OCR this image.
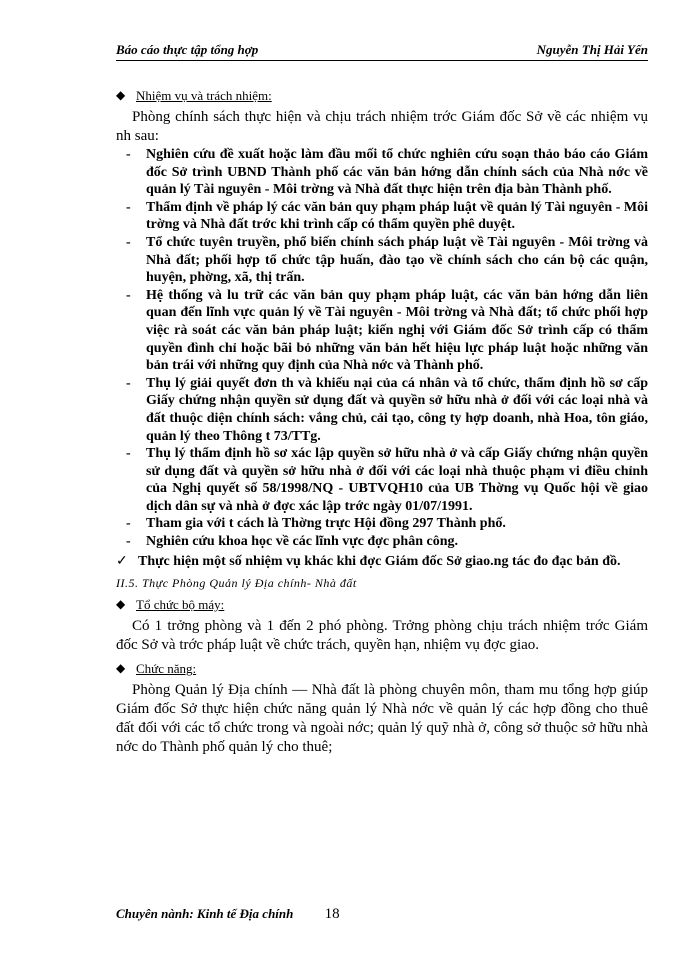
Báo cáo thực tập tổng hợp	Nguyễn Thị Hải Yến
◆ Nhiệm vụ và trách nhiệm:

Phòng chính sách thực hiện và chịu trách nhiệm trớc Giám đốc Sở về các nhiệm vụ nh sau:

- Nghiên cứu đề xuất hoặc làm đầu mối tổ chức nghiên cứu soạn thảo báo cáo Giám đốc Sở trình UBND Thành phố các văn bản hớng dẫn chính sách của Nhà nớc về quản lý Tài nguyên - Môi trờng và Nhà đất thực hiện trên địa bàn Thành phố.
- Thẩm định về pháp lý các văn bản quy phạm pháp luật về quản lý Tài nguyên - Môi trờng và Nhà đất trớc khi trình cấp có thẩm quyền phê duyệt.
- Tổ chức tuyên truyền, phổ biến chính sách pháp luật về Tài nguyên - Môi trờng và Nhà đất; phối hợp tổ chức tập huấn, đào tạo về chính sách cho cán bộ các quận, huyện, phờng, xã, thị trấn.
- Hệ thống và lu trữ các văn bản quy phạm pháp luật, các văn bản hớng dẫn liên quan đến lĩnh vực quản lý về Tài nguyên - Môi trờng và Nhà đất; tổ chức phối hợp việc rà soát các văn bản pháp luật; kiến nghị với Giám đốc Sở trình cấp có thẩm quyền đình chỉ hoặc bãi bỏ những văn bản hết hiệu lực pháp luật hoặc những văn bản trái với những quy định của Nhà nớc và Thành phố.
- Thụ lý giải quyết đơn th và khiếu nại của cá nhân và tổ chức, thẩm định hồ sơ cấp Giấy chứng nhận quyền sử dụng đất và quyền sở hữu nhà ở đối với các loại nhà và đất thuộc diện chính sách: vắng chủ, cải tạo, công ty hợp doanh, nhà Hoa, tôn giáo, quản lý theo Thông t 73/TTg.
- Thụ lý thẩm định hồ sơ xác lập quyền sở hữu nhà ở và cấp Giấy chứng nhận quyền sử dụng đất và quyền sở hữu nhà ở đối với các loại nhà thuộc phạm vi điều chỉnh của Nghị quyết số 58/1998/NQ - UBTVQH10 của UB Thờng vụ Quốc hội về giao dịch dân sự và nhà ở đợc xác lập trớc ngày 01/07/1991.
- Tham gia với t cách là Thờng trực Hội đồng 297 Thành phố.
- Nghiên cứu khoa học về các lĩnh vực đợc phân công.
✓ Thực hiện một số nhiệm vụ khác khi đợc Giám đốc Sở giao.ng tác đo đạc bản đồ.
II.5. Thực Phòng Quản lý Địa chính- Nhà đất
◆ Tổ chức bộ máy:

Có 1 trởng phòng và 1 đến 2 phó phòng. Trởng phòng chịu trách nhiệm trớc Giám đốc Sở và trớc pháp luật về chức trách, quyền hạn, nhiệm vụ đợc giao.

◆ Chức năng:

Phòng Quản lý Địa chính — Nhà đất là phòng chuyên môn, tham mu tổng hợp giúp Giám đốc Sở thực hiện chức năng quản lý Nhà nớc về quản lý các hợp đồng cho thuê đất đối với các tổ chức trong và ngoài nớc; quản lý quỹ nhà ở, công sở thuộc sở hữu nhà nớc do Thành phố quản lý cho thuê;

Chuyên nành: Kinh tế Địa chính 18
